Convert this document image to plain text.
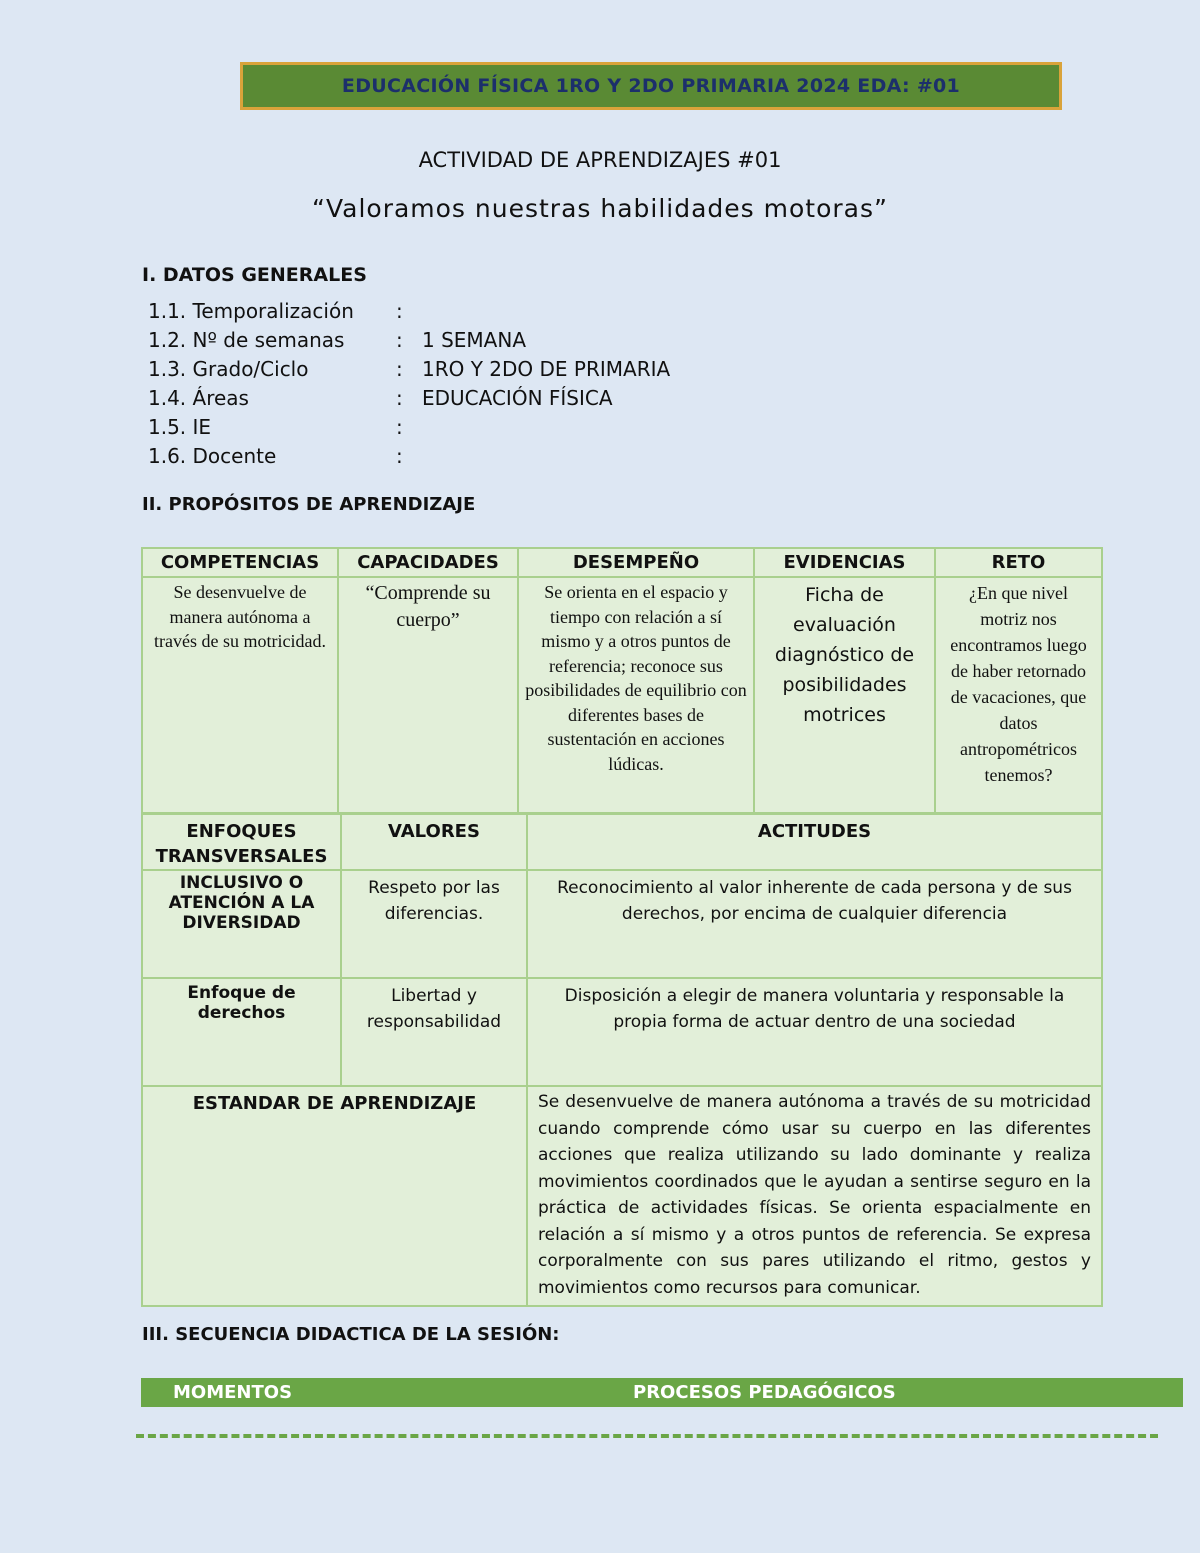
EDUCACIÓN FÍSICA 1RO Y 2DO PRIMARIA 2024 EDA: #01
ACTIVIDAD DE APRENDIZAJES #01
“Valoramos nuestras habilidades motoras”
I. DATOS GENERALES
1.1. Temporalización	:
1.2. Nº de semanas	: 1 SEMANA
1.3. Grado/Ciclo	: 1RO Y 2DO DE PRIMARIA
1.4. Áreas	: EDUCACIÓN FÍSICA
1.5. IE	:
1.6. Docente	:
II. PROPÓSITOS DE APRENDIZAJE
COMPETENCIAS	CAPACIDADES	DESEMPEÑO	EVIDENCIAS	RETO
Se desenvuelve de manera autónoma a través de su motricidad.	“Comprende su cuerpo”	Se orienta en el espacio y tiempo con relación a sí mismo y a otros puntos de referencia; reconoce sus posibilidades de equilibrio con diferentes bases de sustentación en acciones lúdicas.	Ficha de evaluación diagnóstico de posibilidades motrices	¿En que nivel motriz nos encontramos luego de haber retornado de vacaciones, que datos antropométricos tenemos?
ENFOQUES TRANSVERSALES	VALORES	ACTITUDES
INCLUSIVO O ATENCIÓN A LA DIVERSIDAD	Respeto por las diferencias.	Reconocimiento al valor inherente de cada persona y de sus derechos, por encima de cualquier diferencia
Enfoque de derechos	Libertad y responsabilidad	Disposición a elegir de manera voluntaria y responsable la propia forma de actuar dentro de una sociedad
ESTANDAR DE APRENDIZAJE		Se desenvuelve de manera autónoma a través de su motricidad cuando comprende cómo usar su cuerpo en las diferentes acciones que realiza utilizando su lado dominante y realiza movimientos coordinados que le ayudan a sentirse seguro en la práctica de actividades físicas. Se orienta espacialmente en relación a sí mismo y a otros puntos de referencia. Se expresa corporalmente con sus pares utilizando el ritmo, gestos y movimientos como recursos para comunicar.
III. SECUENCIA DIDACTICA DE LA SESIÓN:
MOMENTOS	PROCESOS PEDAGÓGICOS
